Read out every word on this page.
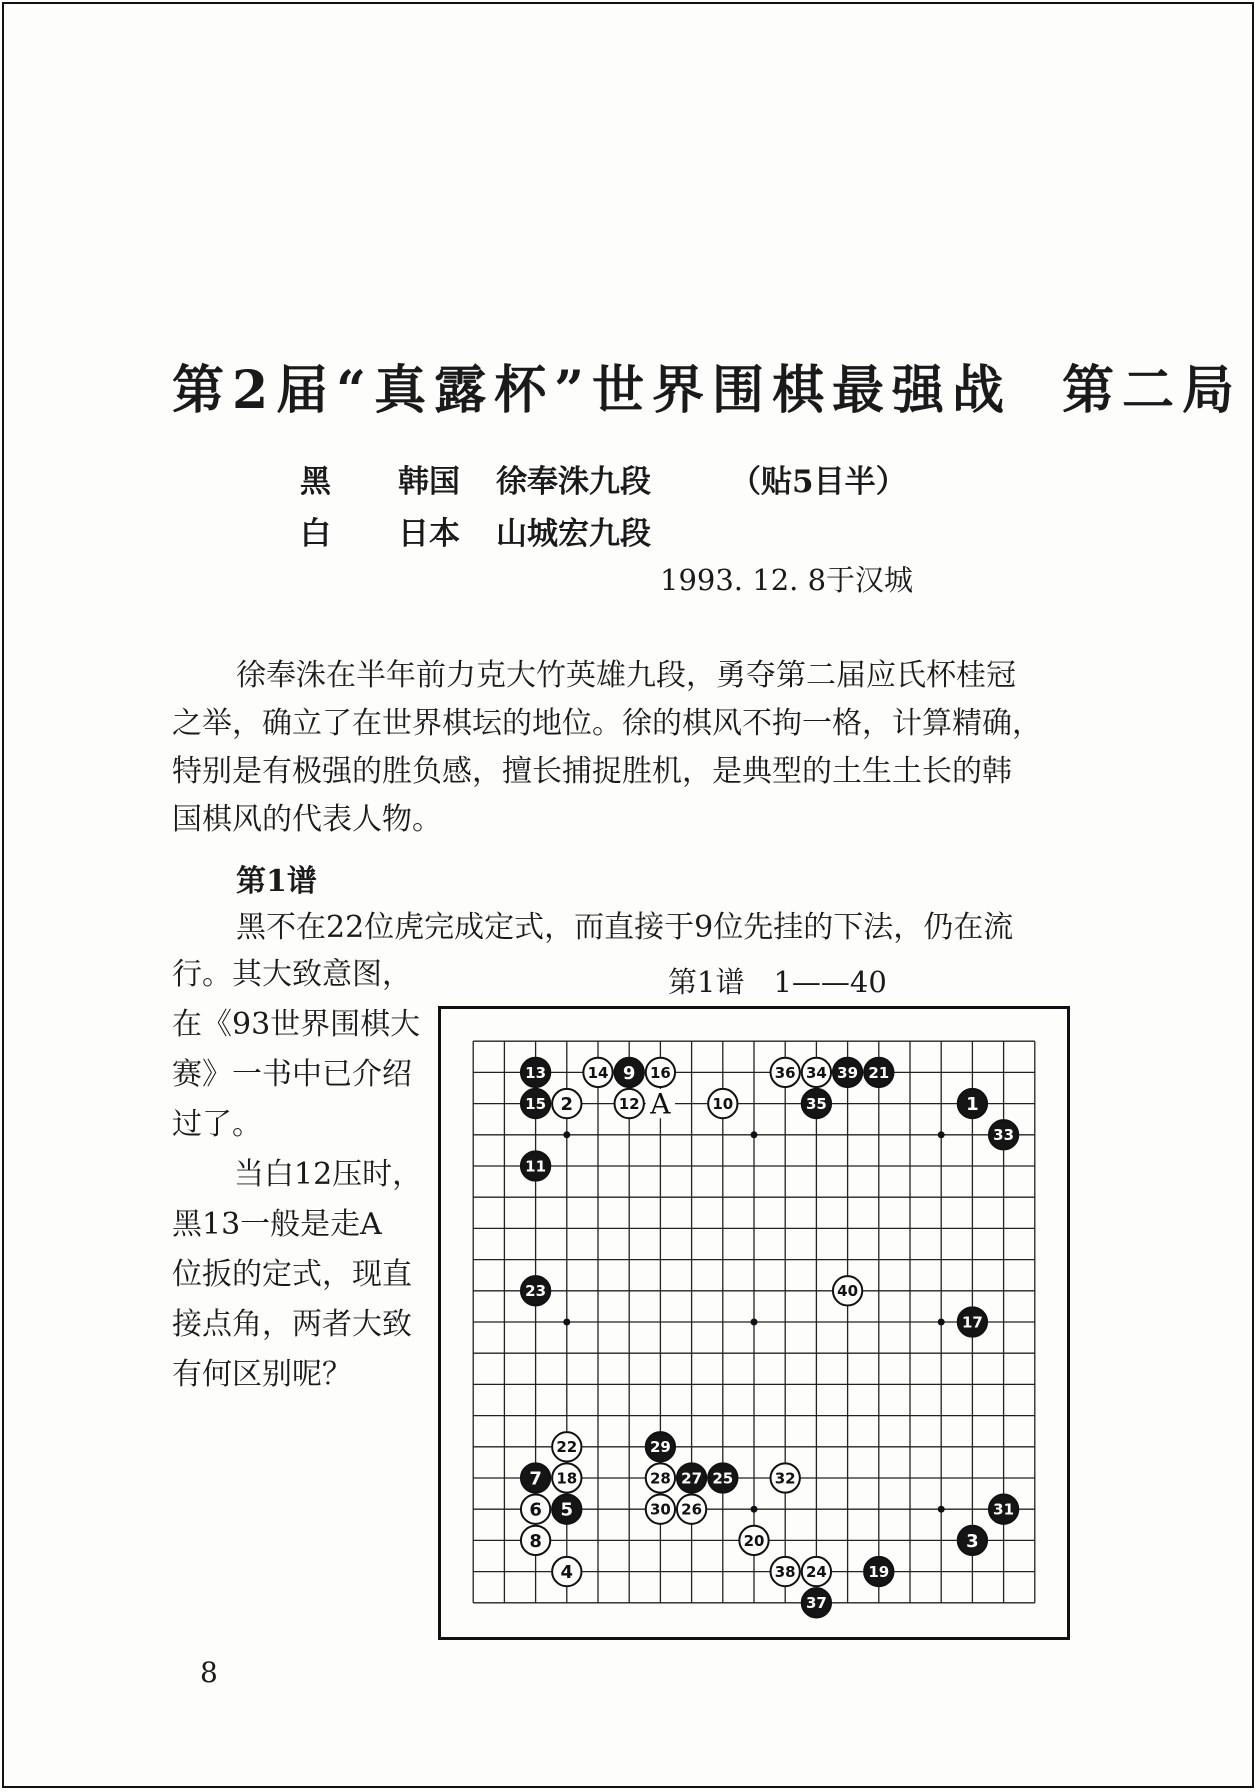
第2届“真露杯”世界围棋最强战 第二局
黑 韩国 徐奉洙九段	（贴5目半）
白 日本 山城宏九段
1993. 12. 8于汉城
徐奉洙在半年前力克大竹英雄九段，勇夺第二届应氏杯桂冠
之举，确立了在世界棋坛的地位。徐的棋风不拘一格，计算精确，
特别是有极强的胜负感，擅长捕捉胜机，是典型的土生土长的韩
国棋风的代表人物。
第1谱
黑不在22位虎完成定式，而直接于9位先挂的下法，仍在流
行。其大致意图，
在《93世界围棋大
赛》一书中已介绍
过了。
当白12压时，
黑13一般是走A
位扳的定式，现直
接点角，两者大致
有何区别呢？
第1谱　1——40
A	1
2
3
4
5
6
7
8
9
10
11
12
13	14
15
16
17
18
19
20
21
22
23
24
25
26
27
28
29
30	31
32
33
34
35
36
37
38
39
40
8
